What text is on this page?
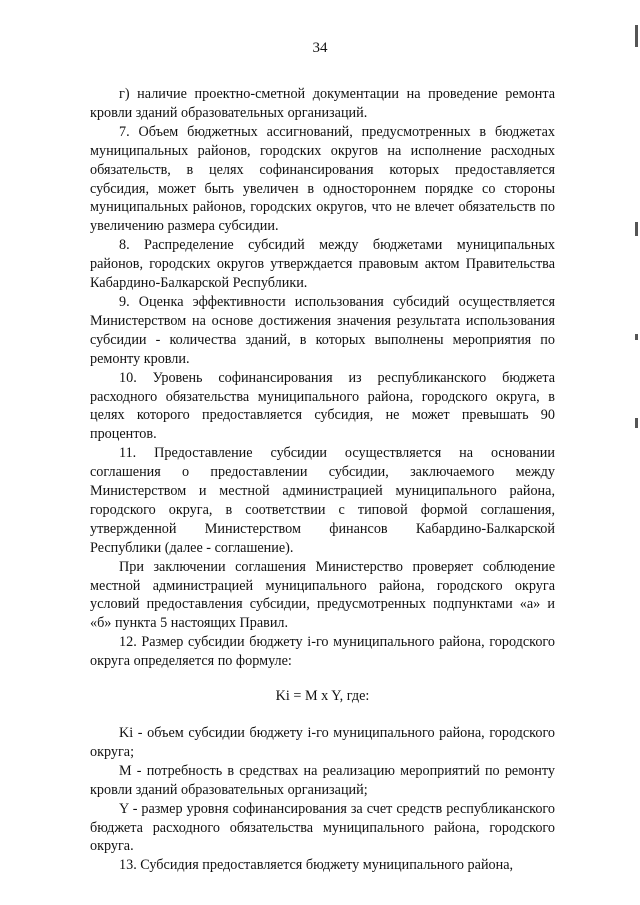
34

г) наличие проектно-сметной документации на проведение ремонта кровли зданий образовательных организаций.

7. Объем бюджетных ассигнований, предусмотренных в бюджетах муниципальных районов, городских округов на исполнение расходных обязательств, в целях софинансирования которых предоставляется субсидия, может быть увеличен в одностороннем порядке со стороны муниципальных районов, городских округов, что не влечет обязательств по увеличению размера субсидии.

8. Распределение субсидий между бюджетами муниципальных районов, городских округов утверждается правовым актом Правительства Кабардино-Балкарской Республики.

9. Оценка эффективности использования субсидий осуществляется Министерством на основе достижения значения результата использования субсидии - количества зданий, в которых выполнены мероприятия по ремонту кровли.

10. Уровень софинансирования из республиканского бюджета расходного обязательства муниципального района, городского округа, в целях которого предоставляется субсидия, не может превышать 90 процентов.

11. Предоставление субсидии осуществляется на основании соглашения о предоставлении субсидии, заключаемого между Министерством и местной администрацией муниципального района, городского округа, в соответствии с типовой формой соглашения, утвержденной Министерством финансов Кабардино-Балкарской Республики (далее - соглашение).

При заключении соглашения Министерство проверяет соблюдение местной администрацией муниципального района, городского округа условий предоставления субсидии, предусмотренных подпунктами «а» и «б» пункта 5 настоящих Правил.

12. Размер субсидии бюджету i-го муниципального района, городского округа определяется по формуле:

Ki = M x Y, где:

Ki - объем субсидии бюджету i-го муниципального района, городского округа;

M - потребность в средствах на реализацию мероприятий по ремонту кровли зданий образовательных организаций;

Y - размер уровня софинансирования за счет средств республиканского бюджета расходного обязательства муниципального района, городского округа.

13. Субсидия предоставляется бюджету муниципального района,
